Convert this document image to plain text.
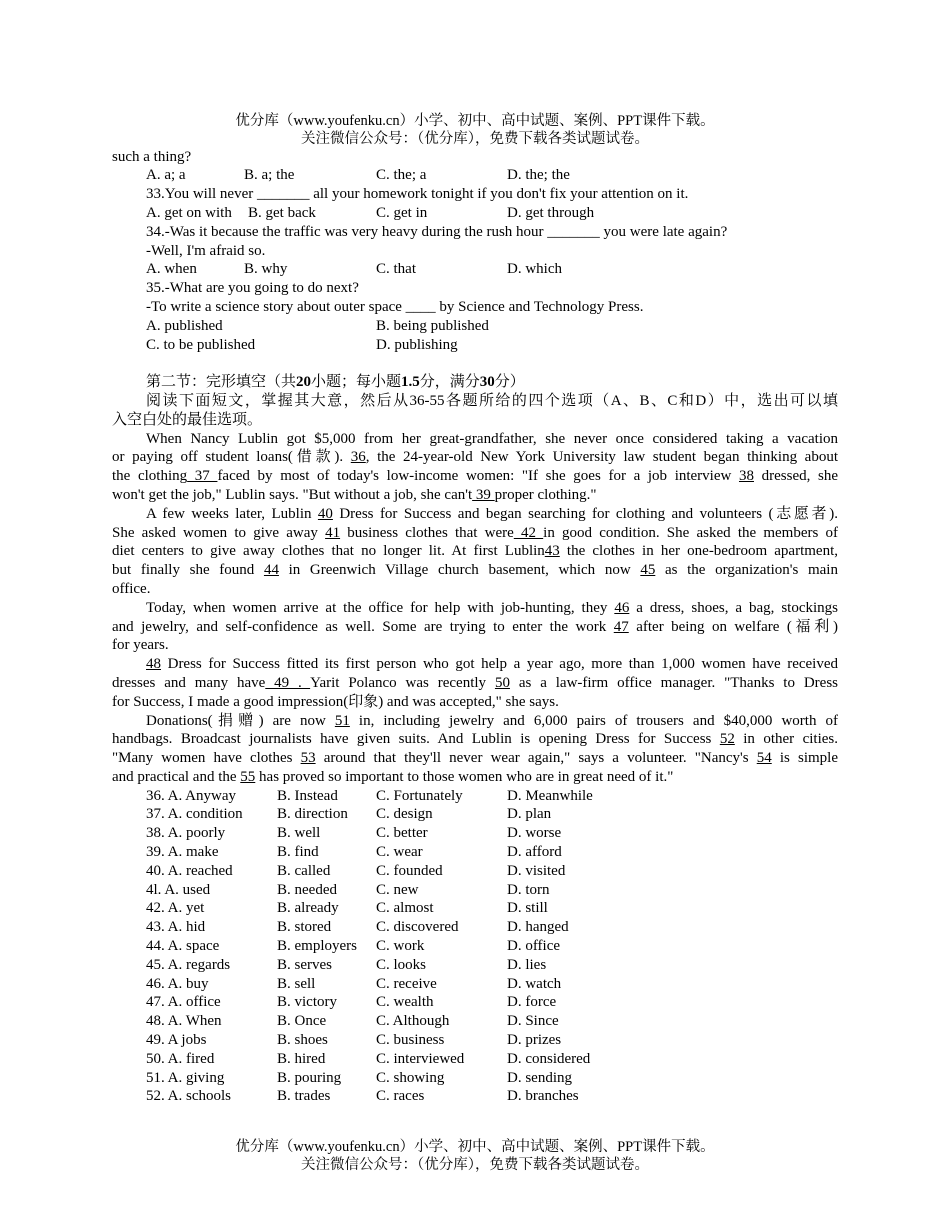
优分库（www.youfenku.cn）小学、初中、高中试题、案例、PPT课件下载。
关注微信公众号：（优分库），免费下载各类试题试卷。
such a thing?
A. a; a	B. a; the	C. the; a	D. the; the
33.You will never _______ all your homework tonight if you don't fix your attention on it.
A. get on with B. get back	C. get in	D. get through
34.-Was it because the traffic was very heavy during the rush hour _______ you were late again?
-Well, I'm afraid so.
A. when	B. why	C. that	D. which
35.-What are you going to do next?
-To write a science story about outer space ____ by Science and Technology Press.
A. published	B. being published
C. to be published	D. publishing
第二节：完形填空（共20小题；每小题1.5分，满分30分）
阅读下面短文，掌握其大意，然后从36-55各题所给的四个选项（A、B、C和D）中，选出可以填
入空白处的最佳选项。
When Nancy Lublin got $5,000 from her great-grandfather, she never once considered taking a vacation
or paying off student loans(借款). 36, the 24-year-old New York University law student began thinking about
the clothing 37 faced by most of today's low-income women: "If she goes for a job interview 38 dressed, she
won't get the job," Lublin says. "But without a job, she can't 39 proper clothing."
A few weeks later, Lublin 40 Dress for Success and began searching for clothing and volunteers (志愿者).
She asked women to give away 41 business clothes that were 42 in good condition. She asked the members of
diet centers to give away clothes that no longer lit. At first Lublin43 the clothes in her one-bedroom apartment,
but finally she found 44 in Greenwich Village church basement, which now 45 as the organization's main
office.
Today, when women arrive at the office for help with job-hunting, they 46 a dress, shoes, a bag, stockings
and jewelry, and self-confidence as well. Some are trying to enter the work 47 after being on welfare (福利)
for years.
48 Dress for Success fitted its first person who got help a year ago, more than 1,000 women have received
dresses and many have 49 . Yarit Polanco was recently 50 as a law-firm office manager. "Thanks to Dress
for Success, I made a good impression(印象) and was accepted," she says.
Donations(捐赠) are now 51 in, including jewelry and 6,000 pairs of trousers and $40,000 worth of
handbags. Broadcast journalists have given suits. And Lublin is opening Dress for Success 52 in other cities.
"Many women have clothes 53 around that they'll never wear again," says a volunteer. "Nancy's 54 is simple
and practical and the 55 has proved so important to those women who are in great need of it."
36. A. Anyway	B. Instead	C. Fortunately	D. Meanwhile
37. A. condition B. direction C. design	D. plan
38. A. poorly	B. well	C. better	D. worse
39. A. make	B. find	C. wear	D. afford
40. A. reached	B. called	C. founded	D. visited
4l. A. used	B. needed	C. new	D. torn
42. A. yet	B. already C. almost	D. still
43. A. hid	B. stored	C. discovered	D. hanged
44. A. space	B. employers C. work	D. office
45. A. regards	B. serves	C. looks	D. lies
46. A. buy	B. sell	C. receive	D. watch
47. A. office	B. victory	C. wealth	D. force
48. A. When	B. Once	C. Although	D. Since
49. A jobs	B. shoes	C. business	D. prizes
50. A. fired	B. hired	C. interviewed	D. considered
51. A. giving	B. pouring C. showing	D. sending
52. A. schools	B. trades	C. races	D. branches
优分库（www.youfenku.cn）小学、初中、高中试题、案例、PPT课件下载。
关注微信公众号：（优分库），免费下载各类试题试卷。
